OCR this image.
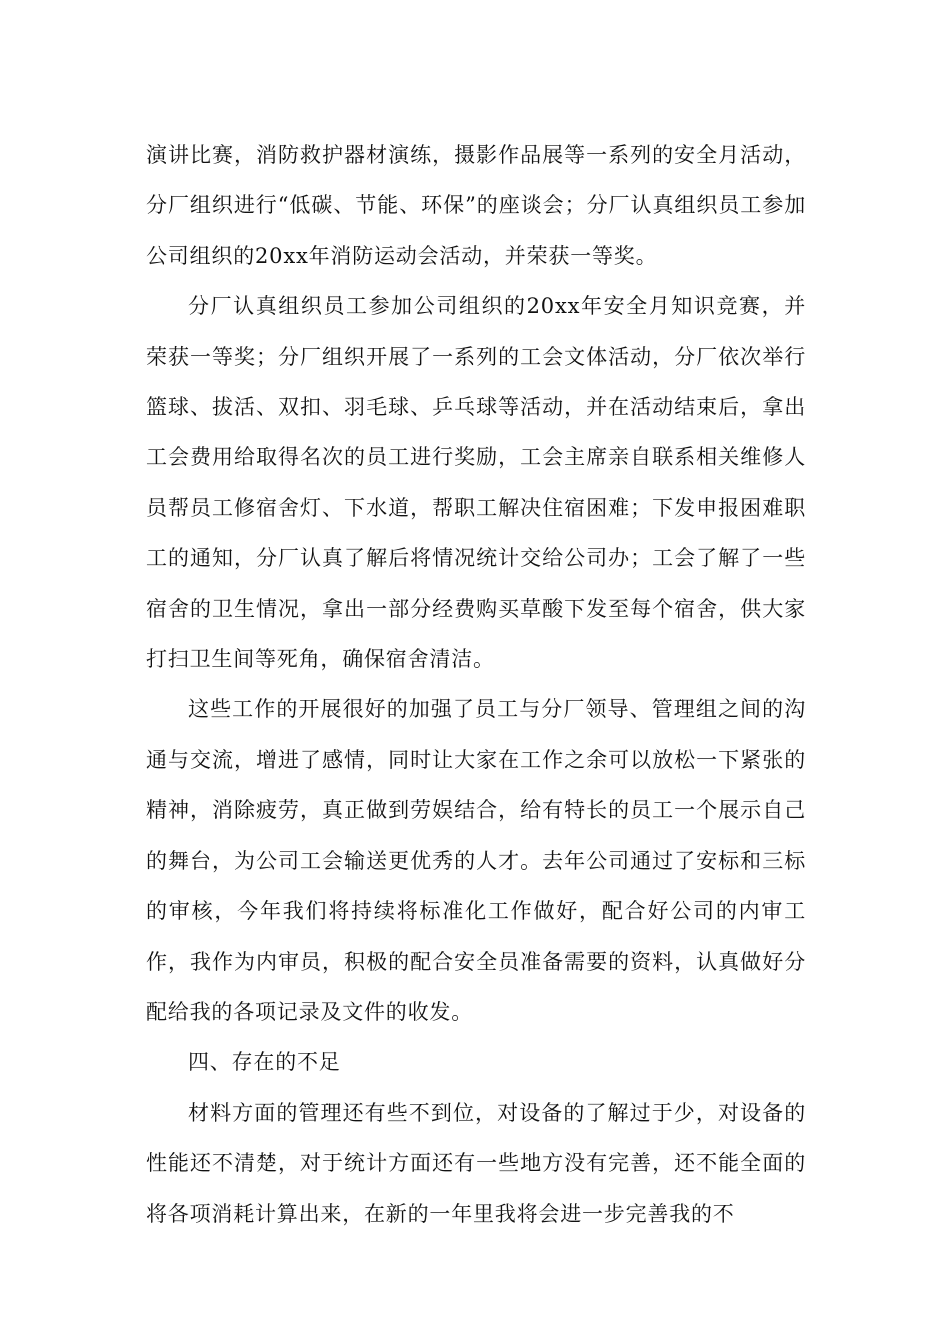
演讲比赛，消防救护器材演练，摄影作品展等一系列的安全月活动，分厂组织进行“低碳、节能、环保”的座谈会；分厂认真组织员工参加公司组织的20xx年消防运动会活动，并荣获一等奖。

分厂认真组织员工参加公司组织的20xx年安全月知识竞赛，并荣获一等奖；分厂组织开展了一系列的工会文体活动，分厂依次举行篮球、拔活、双扣、羽毛球、乒乓球等活动，并在活动结束后，拿出工会费用给取得名次的员工进行奖励，工会主席亲自联系相关维修人员帮员工修宿舍灯、下水道，帮职工解决住宿困难；下发申报困难职工的通知，分厂认真了解后将情况统计交给公司办；工会了解了一些宿舍的卫生情况，拿出一部分经费购买草酸下发至每个宿舍，供大家打扫卫生间等死角，确保宿舍清洁。

这些工作的开展很好的加强了员工与分厂领导、管理组之间的沟通与交流，增进了感情，同时让大家在工作之余可以放松一下紧张的精神，消除疲劳，真正做到劳娱结合，给有特长的员工一个展示自己的舞台，为公司工会输送更优秀的人才。去年公司通过了安标和三标的审核，今年我们将持续将标准化工作做好，配合好公司的内审工作，我作为内审员，积极的配合安全员准备需要的资料，认真做好分配给我的各项记录及文件的收发。

四、存在的不足

材料方面的管理还有些不到位，对设备的了解过于少，对设备的性能还不清楚，对于统计方面还有一些地方没有完善，还不能全面的将各项消耗计算出来，在新的一年里我将会进一步完善我的不
